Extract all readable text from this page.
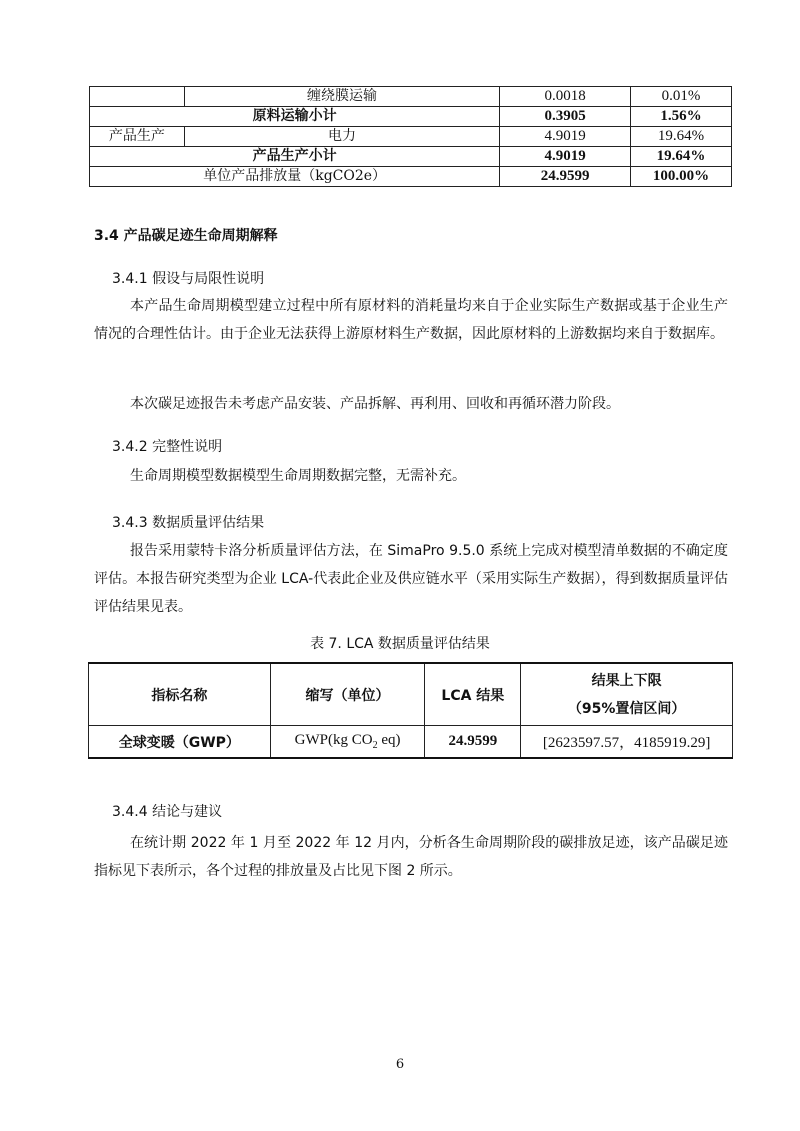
	缠绕膜运输	0.0018	0.01%
原料运输小计		0.3905	1.56%
产品生产	电力	4.9019	19.64%
产品生产小计		4.9019	19.64%
单位产品排放量（kgCO2e）		24.9599	100.00%
3.4 产品碳足迹生命周期解释
3.4.1 假设与局限性说明
本产品生命周期模型建立过程中所有原材料的消耗量均来自于企业实际生产数据或基于企业生产情况的合理性估计。由于企业无法获得上游原材料生产数据，因此原材料的上游数据均来自于数据库。
本次碳足迹报告未考虑产品安装、产品拆解、再利用、回收和再循环潜力阶段。
3.4.2 完整性说明
生命周期模型数据模型生命周期数据完整，无需补充。
3.4.3 数据质量评估结果
报告采用蒙特卡洛分析质量评估方法，在 SimaPro 9.5.0 系统上完成对模型清单数据的不确定度评估。本报告研究类型为企业 LCA-代表此企业及供应链水平（采用实际生产数据），得到数据质量评估评估结果见表。
表 7. LCA 数据质量评估结果
指标名称	缩写（单位）	LCA 结果	结果上下限
（95%置信区间）

全球变暖（GWP）	GWP(kg $CO_2$ eq)	24.9599	[2623597.57，4185919.29]
3.4.4 结论与建议
在统计期 2022 年 1 月至 2022 年 12 月内，分析各生命周期阶段的碳排放足迹，该产品碳足迹指标见下表所示，各个过程的排放量及占比见下图 2 所示。
6
